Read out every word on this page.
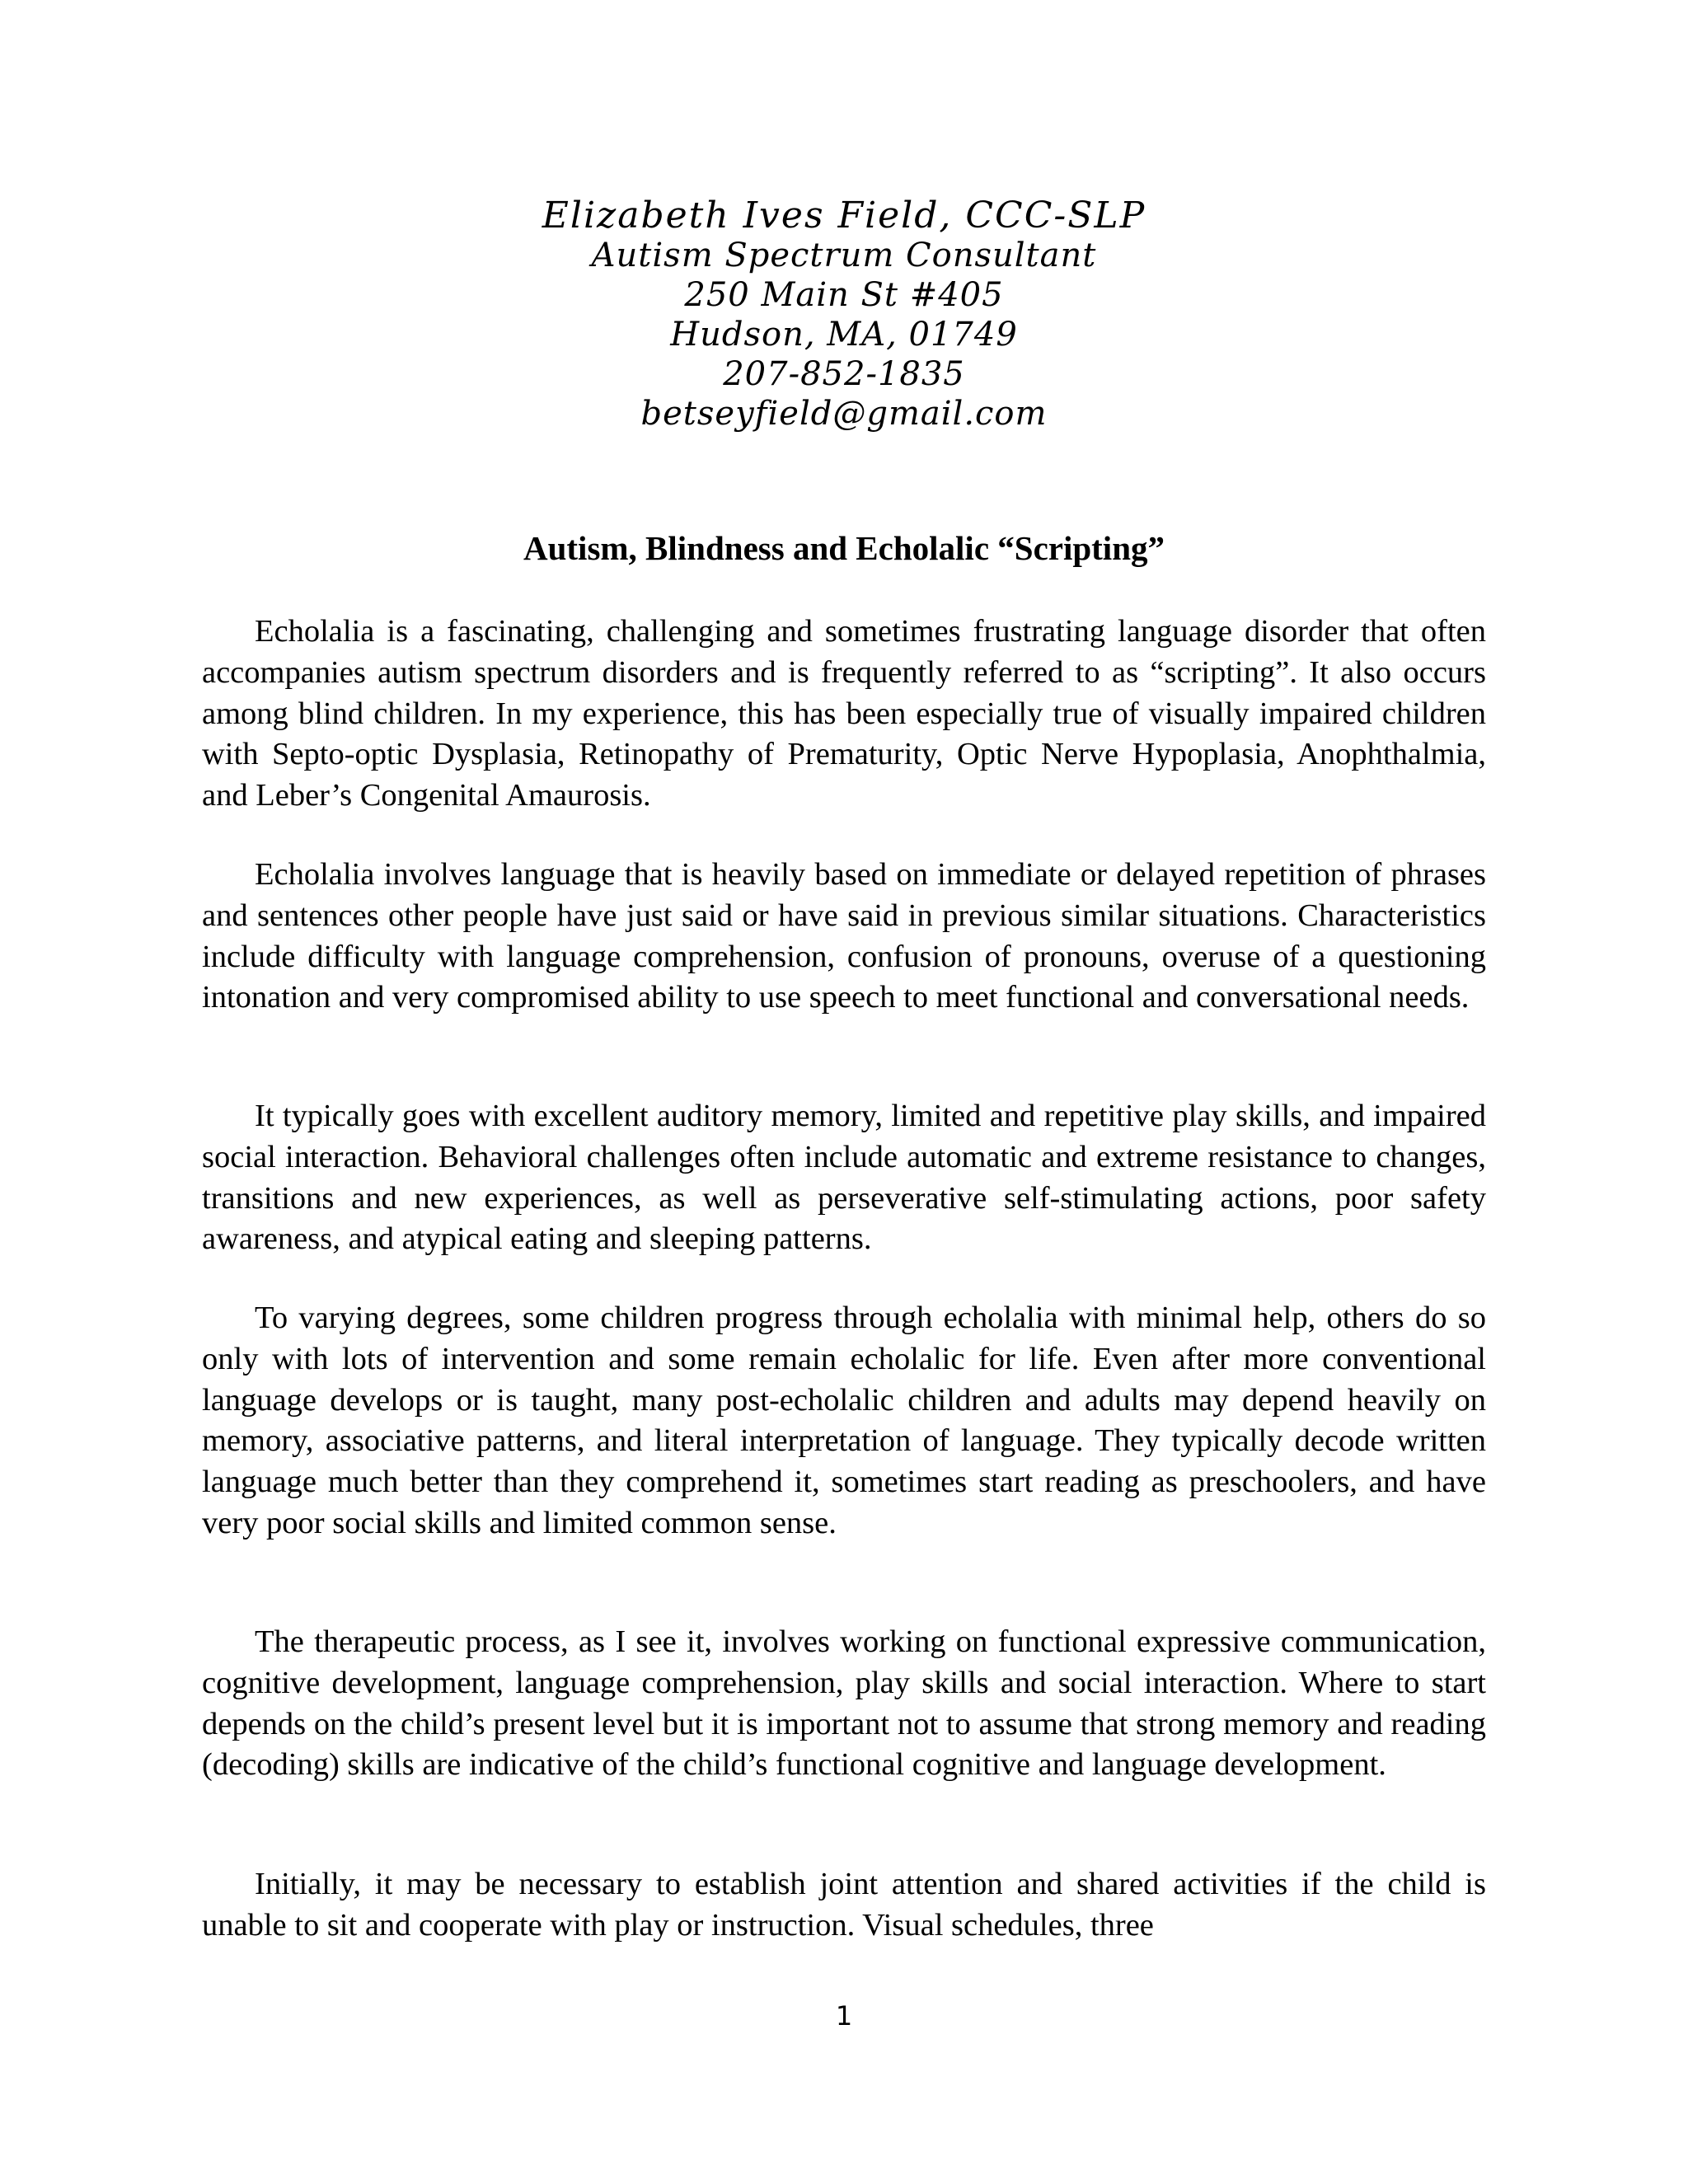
Elizabeth Ives Field, CCC-SLP
Autism Spectrum Consultant
250 Main St #405
Hudson, MA, 01749
207-852-1835
betseyfield@gmail.com
Autism, Blindness and Echolalic “Scripting”

Echolalia is a fascinating, challenging and sometimes frustrating language disorder that often accompanies autism spectrum disorders and is frequently referred to as “scripting”. It also occurs among blind children. In my experience, this has been especially true of visually impaired children with Septo-optic Dysplasia, Retinopathy of Prematurity, Optic Nerve Hypoplasia, Anophthalmia, and Leber’s Congenital Amaurosis.

Echolalia involves language that is heavily based on immediate or delayed repetition of phrases and sentences other people have just said or have said in previous similar situations. Characteristics include difficulty with language comprehension, confusion of pronouns, overuse of a questioning intonation and very compromised ability to use speech to meet functional and conversational needs.

It typically goes with excellent auditory memory, limited and repetitive play skills, and impaired social interaction. Behavioral challenges often include automatic and extreme resistance to changes, transitions and new experiences, as well as perseverative self-stimulating actions, poor safety awareness, and atypical eating and sleeping patterns.

To varying degrees, some children progress through echolalia with minimal help, others do so only with lots of intervention and some remain echolalic for life. Even after more conventional language develops or is taught, many post-echolalic children and adults may depend heavily on memory, associative patterns, and literal interpretation of language. They typically decode written language much better than they comprehend it, sometimes start reading as preschoolers, and have very poor social skills and limited common sense.

The therapeutic process, as I see it, involves working on functional expressive communication, cognitive development, language comprehension, play skills and social interaction. Where to start depends on the child’s present level but it is important not to assume that strong memory and reading (decoding) skills are indicative of the child’s functional cognitive and language development.

Initially, it may be necessary to establish joint attention and shared activities if the child is unable to sit and cooperate with play or instruction. Visual schedules, three

1
